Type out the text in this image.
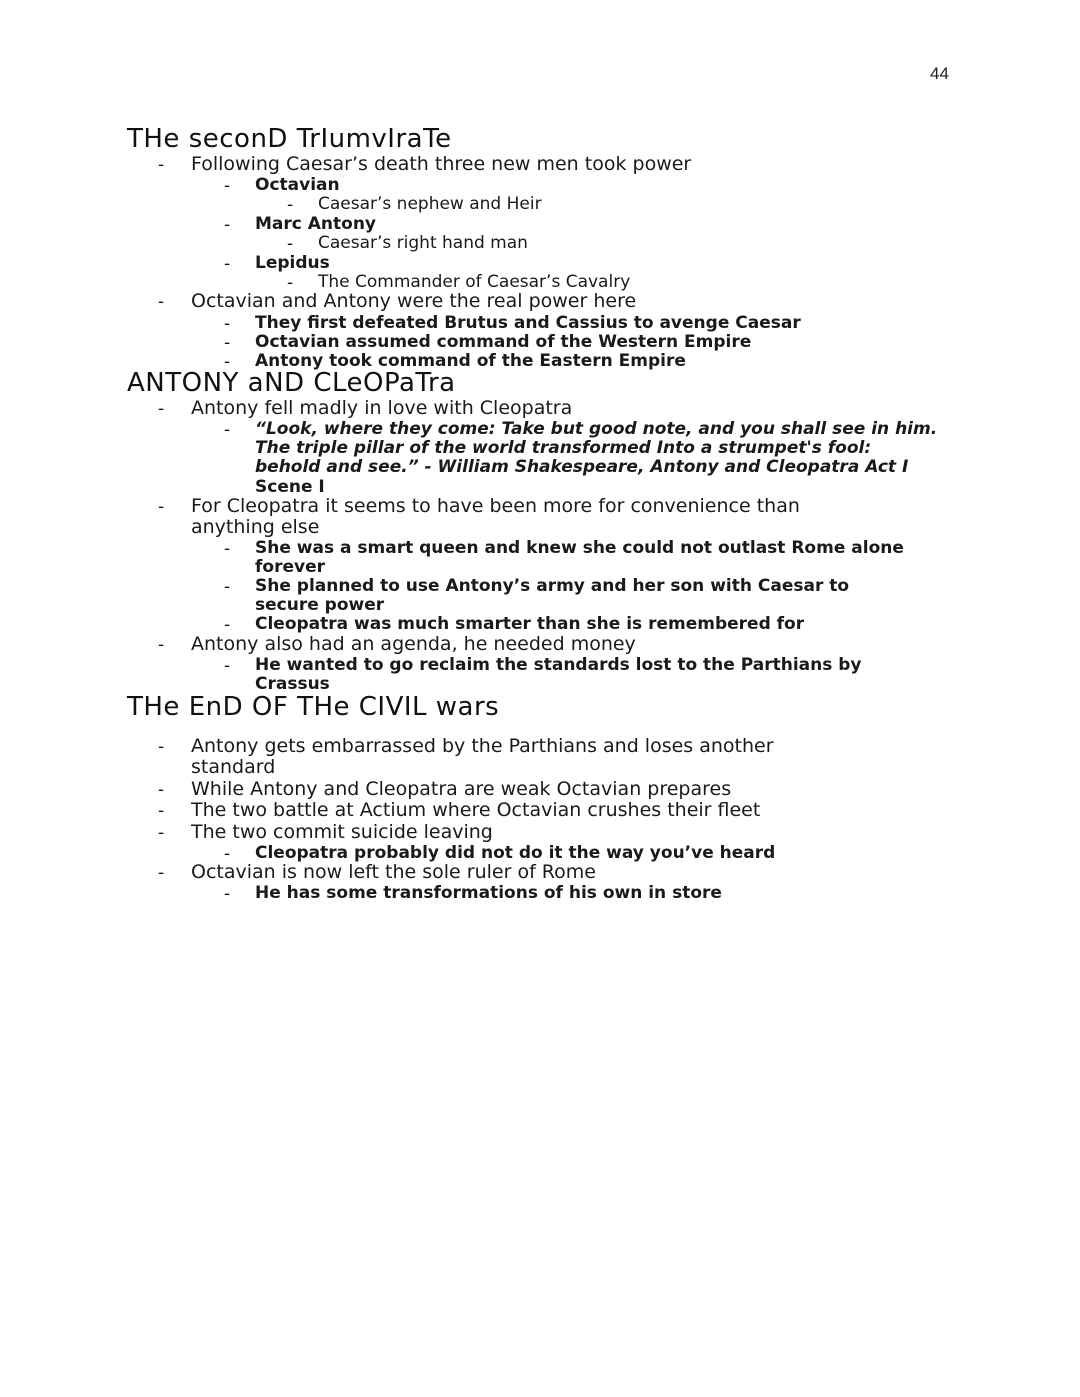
44
THe seconD TrIumvIraTe
- Following Caesar’s death three new men took power
- Octavian
- Caesar’s nephew and Heir
- Marc Antony
- Caesar’s right hand man
- Lepidus
- The Commander of Caesar’s Cavalry
- Octavian and Antony were the real power here
- They first defeated Brutus and Cassius to avenge Caesar
- Octavian assumed command of the Western Empire
- Antony took command of the Eastern Empire
ANTONY aND CLeOPaTra
- Antony fell madly in love with Cleopatra
- “Look, where they come: Take but good note, and you shall see in him.
The triple pillar of the world transformed Into a strumpet's fool:
behold and see.” - William Shakespeare, Antony and Cleopatra Act I
Scene I
- For Cleopatra it seems to have been more for convenience than
anything else
- She was a smart queen and knew she could not outlast Rome alone
forever
- She planned to use Antony’s army and her son with Caesar to
secure power
- Cleopatra was much smarter than she is remembered for
- Antony also had an agenda, he needed money
- He wanted to go reclaim the standards lost to the Parthians by
Crassus
THe EnD OF THe CIVIL wars
- Antony gets embarrassed by the Parthians and loses another
standard
- While Antony and Cleopatra are weak Octavian prepares
- The two battle at Actium where Octavian crushes their fleet
- The two commit suicide leaving
- Cleopatra probably did not do it the way you’ve heard
- Octavian is now left the sole ruler of Rome
- He has some transformations of his own in store
